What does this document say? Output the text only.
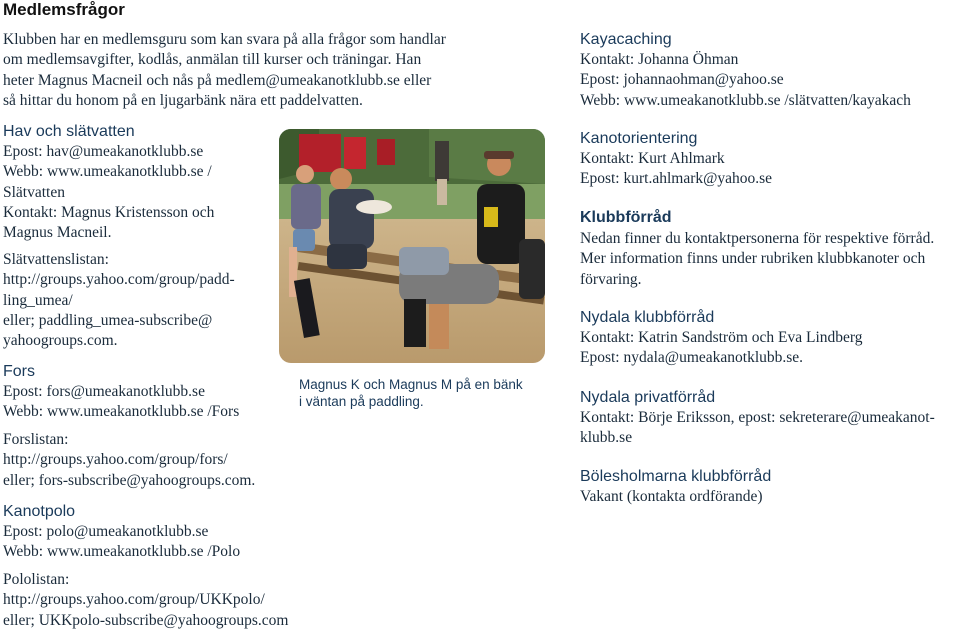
Medlemsfrågor
Klubben har en medlemsguru som kan svara på alla frågor som handlar
om medlemsavgifter, kodlås, anmälan till kurser och träningar. Han
heter Magnus Macneil och nås på medlem@umeakanotklubb.se eller
så hittar du honom på en ljugarbänk nära ett paddelvatten.
Hav och slätvatten
Epost: hav@umeakanotklubb.se
Webb: www.umeakanotklubb.se /
Slätvatten
Kontakt: Magnus Kristensson och
Magnus Macneil.
Slätvattenslistan:
http://groups.yahoo.com/group/padd-
ling_umea/
eller; paddling_umea-subscribe@
yahoogroups.com.
Fors
Epost: fors@umeakanotklubb.se
Webb: www.umeakanotklubb.se /Fors
Forslistan:
http://groups.yahoo.com/group/fors/
eller; fors-subscribe@yahoogroups.com.
Kanotpolo
Epost: polo@umeakanotklubb.se
Webb: www.umeakanotklubb.se /Polo
Pololistan:
http://groups.yahoo.com/group/UKKpolo/
eller; UKKpolo-subscribe@yahoogroups.com
Magnus K och Magnus M på en bänk
i väntan på paddling.
Kayacaching
Kontakt: Johanna Öhman
Epost: johannaohman@yahoo.se
Webb: www.umeakanotklubb.se /slätvatten/kayakach
Kanotorientering
Kontakt: Kurt Ahlmark
Epost: kurt.ahlmark@yahoo.se
Klubbförråd
Nedan finner du kontaktpersonerna för respektive förråd.
Mer information finns under rubriken klubbkanoter och
förvaring.
Nydala klubbförråd
Kontakt: Katrin Sandström och Eva Lindberg
Epost: nydala@umeakanotklubb.se.
Nydala privatförråd
Kontakt: Börje Eriksson, epost: sekreterare@umeakanot-
klubb.se
Bölesholmarna klubbförråd
Vakant (kontakta ordförande)
